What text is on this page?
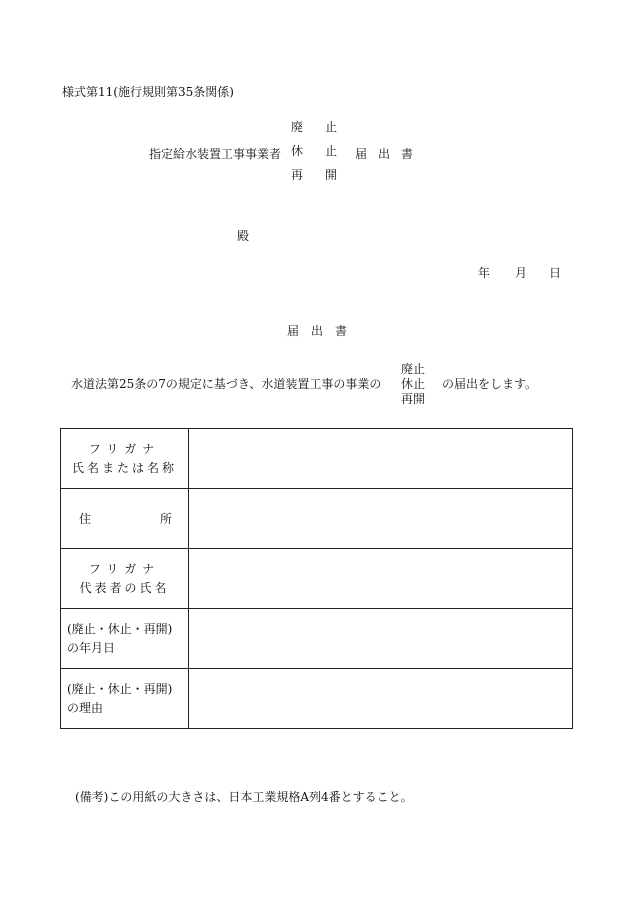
様式第11(施行規則第35条関係)
指定給水装置工事事業者
廃 止
休 止
再 開
届出書
殿
年 月 日
届出書
水道法第25条の7の規定に基づき、水道装置工事の事業の
廃止
休止
再開
の届出をします。
フリガナ
氏名または名称	

住 所	

フリガナ
代表者の氏名	

(廃止・休止・再開)
の年月日	

(廃止・休止・再開)
の理由	

(備考)この用紙の大きさは、日本工業規格A列4番とすること。
